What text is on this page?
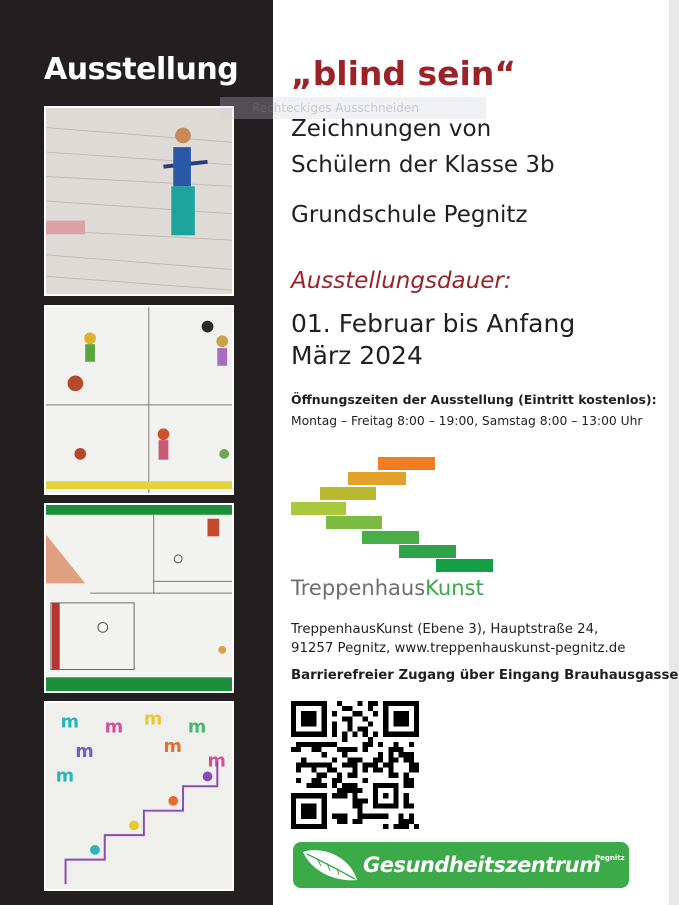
Ausstellung
m m m m
m	m
m
m
„blind sein“
Rechteckiges Ausschneiden
Zeichnungen von
Schülern der Klasse 3b
Grundschule Pegnitz
Ausstellungsdauer:
01. Februar bis Anfang
März 2024
Öffnungszeiten der Ausstellung (Eintritt kostenlos):
Montag – Freitag 8:00 – 19:00, Samstag 8:00 – 13:00 Uhr
TreppenhausKunst
TreppenhausKunst (Ebene 3), Hauptstraße 24,
91257 Pegnitz, www.treppenhauskunst-pegnitz.de
Barrierefreier Zugang über Eingang Brauhausgasse
Pegnitz
Gesundheitszentrum
